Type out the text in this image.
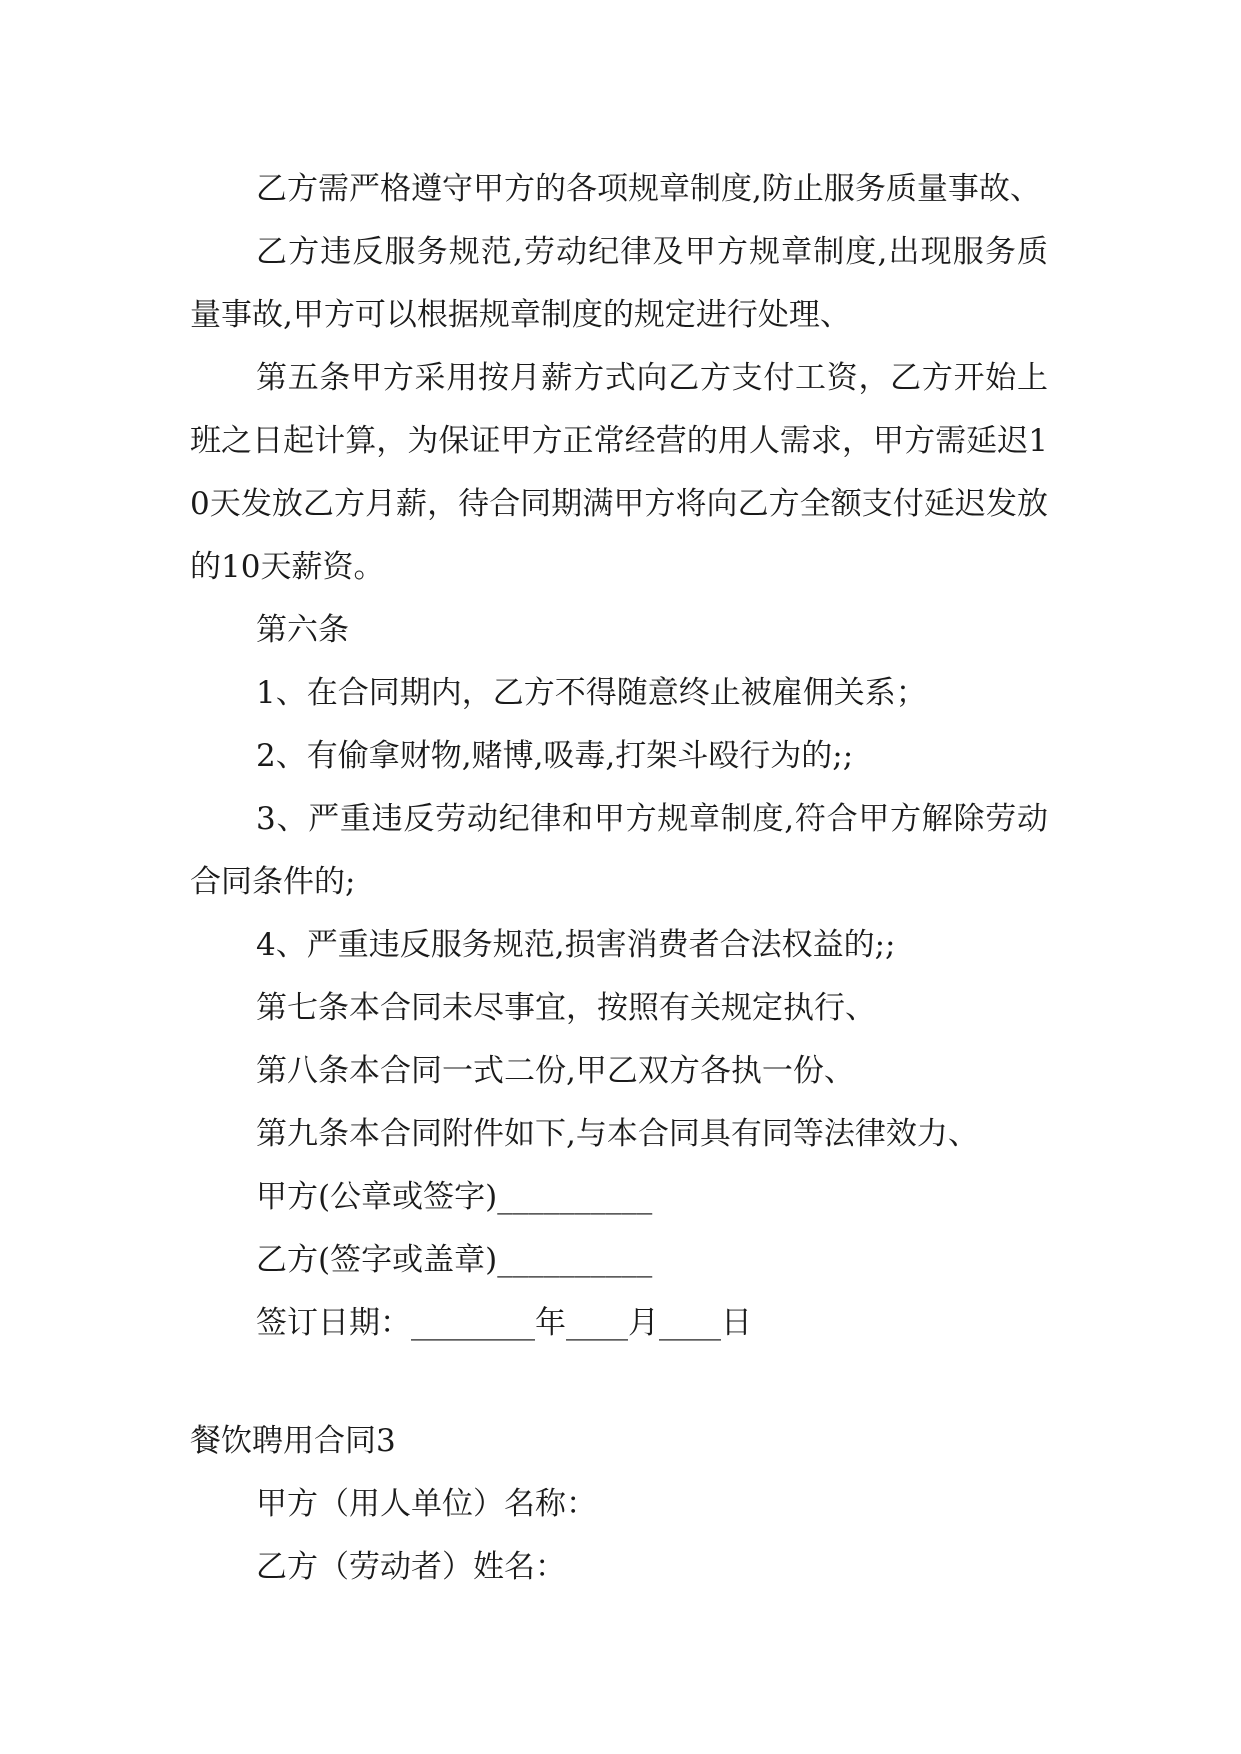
乙方需严格遵守甲方的各项规章制度,防止服务质量事故、

乙方违反服务规范,劳动纪律及甲方规章制度,出现服务质量事故,甲方可以根据规章制度的规定进行处理、

第五条甲方采用按月薪方式向乙方支付工资，乙方开始上班之日起计算，为保证甲方正常经营的用人需求，甲方需延迟10天发放乙方月薪，待合同期满甲方将向乙方全额支付延迟发放的10天薪资。

第六条

1、在合同期内，乙方不得随意终止被雇佣关系；

2、有偷拿财物,赌博,吸毒,打架斗殴行为的;;

3、严重违反劳动纪律和甲方规章制度,符合甲方解除劳动合同条件的;

4、严重违反服务规范,损害消费者合法权益的;;

第七条本合同未尽事宜，按照有关规定执行、

第八条本合同一式二份,甲乙双方各执一份、

第九条本合同附件如下,与本合同具有同等法律效力、

甲方(公章或签字)__________

乙方(签字或盖章)__________

签订日期：________年____月____日

餐饮聘用合同3

甲方（用人单位）名称：

乙方（劳动者）姓名：
